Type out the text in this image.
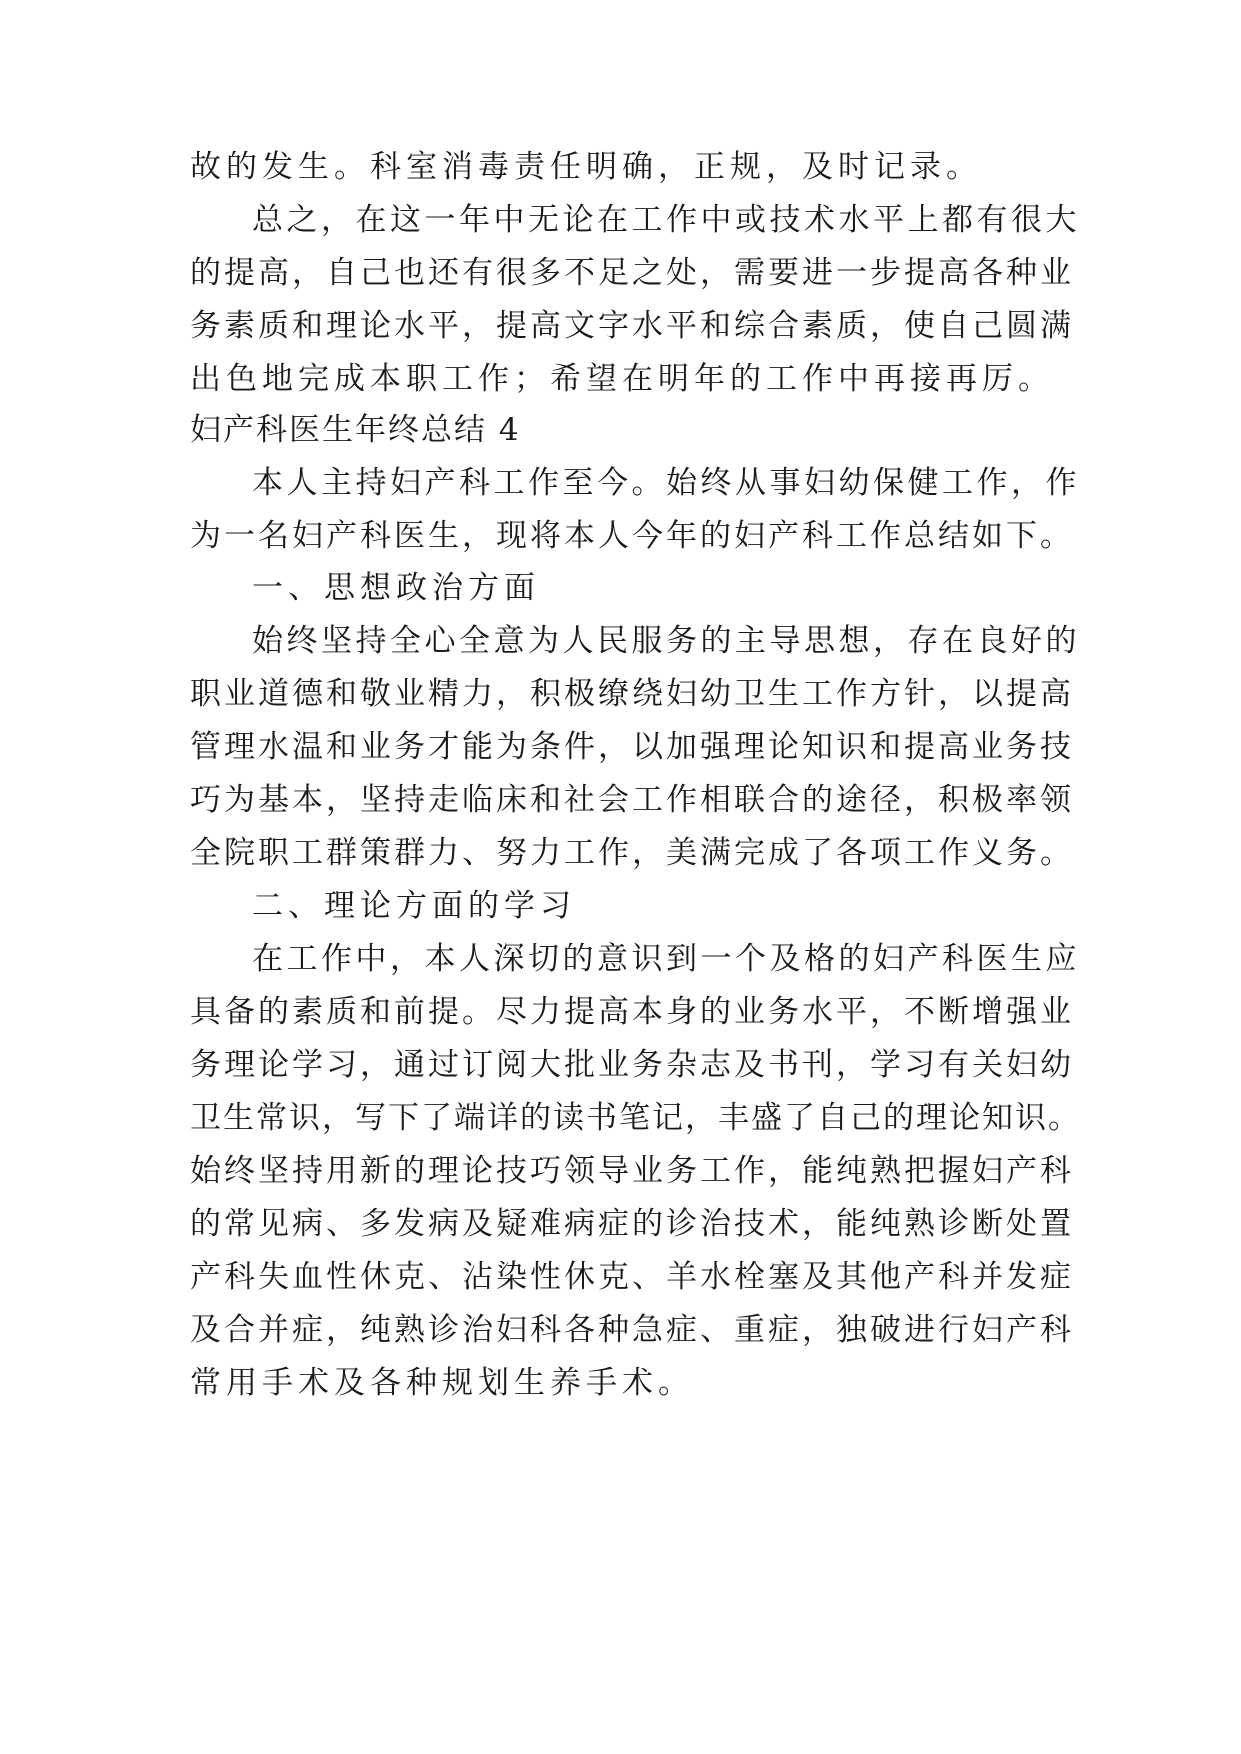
故的发生。科室消毒责任明确，正规，及时记录。
总之，在这一年中无论在工作中或技术水平上都有很大
的提高，自己也还有很多不足之处，需要进一步提高各种业
务素质和理论水平，提高文字水平和综合素质，使自己圆满
出色地完成本职工作；希望在明年的工作中再接再厉。
妇产科医生年终总结 4
本人主持妇产科工作至今。始终从事妇幼保健工作，作
为一名妇产科医生，现将本人今年的妇产科工作总结如下。
一、思想政治方面
始终坚持全心全意为人民服务的主导思想，存在良好的
职业道德和敬业精力，积极缭绕妇幼卫生工作方针，以提高
管理水温和业务才能为条件，以加强理论知识和提高业务技
巧为基本，坚持走临床和社会工作相联合的途径，积极率领
全院职工群策群力、努力工作，美满完成了各项工作义务。
二、理论方面的学习
在工作中，本人深切的意识到一个及格的妇产科医生应
具备的素质和前提。尽力提高本身的业务水平，不断增强业
务理论学习，通过订阅大批业务杂志及书刊，学习有关妇幼
卫生常识，写下了端详的读书笔记，丰盛了自己的理论知识。
始终坚持用新的理论技巧领导业务工作，能纯熟把握妇产科
的常见病、多发病及疑难病症的诊治技术，能纯熟诊断处置
产科失血性休克、沾染性休克、羊水栓塞及其他产科并发症
及合并症，纯熟诊治妇科各种急症、重症，独破进行妇产科
常用手术及各种规划生养手术。
